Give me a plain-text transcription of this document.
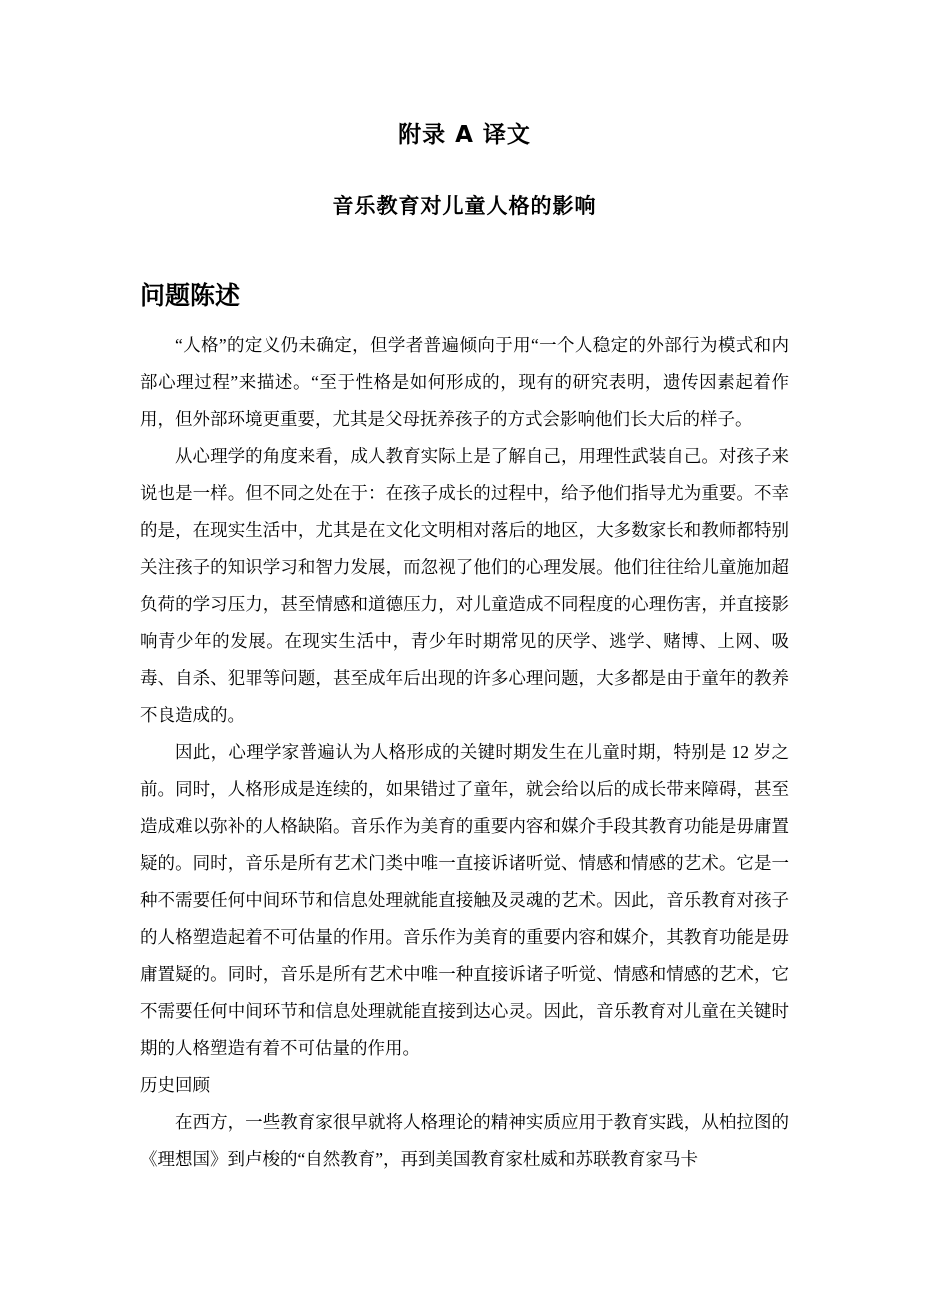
附录 A 译文
音乐教育对儿童人格的影响
问题陈述

“人格”的定义仍未确定，但学者普遍倾向于用“一个人稳定的外部行为模式和内部心理过程”来描述。“至于性格是如何形成的，现有的研究表明，遗传因素起着作用，但外部环境更重要，尤其是父母抚养孩子的方式会影响他们长大后的样子。

从心理学的角度来看，成人教育实际上是了解自己，用理性武装自己。对孩子来说也是一样。但不同之处在于：在孩子成长的过程中，给予他们指导尤为重要。不幸的是，在现实生活中，尤其是在文化文明相对落后的地区，大多数家长和教师都特别关注孩子的知识学习和智力发展，而忽视了他们的心理发展。他们往往给儿童施加超负荷的学习压力，甚至情感和道德压力，对儿童造成不同程度的心理伤害，并直接影响青少年的发展。在现实生活中，青少年时期常见的厌学、逃学、赌博、上网、吸毒、自杀、犯罪等问题，甚至成年后出现的许多心理问题，大多都是由于童年的教养不良造成的。

因此，心理学家普遍认为人格形成的关键时期发生在儿童时期，特别是 12 岁之前。同时，人格形成是连续的，如果错过了童年，就会给以后的成长带来障碍，甚至造成难以弥补的人格缺陷。音乐作为美育的重要内容和媒介手段其教育功能是毋庸置疑的。同时，音乐是所有艺术门类中唯一直接诉诸听觉、情感和情感的艺术。它是一种不需要任何中间环节和信息处理就能直接触及灵魂的艺术。因此，音乐教育对孩子的人格塑造起着不可估量的作用。音乐作为美育的重要内容和媒介，其教育功能是毋庸置疑的。同时，音乐是所有艺术中唯一种直接诉诸子听觉、情感和情感的艺术，它不需要任何中间环节和信息处理就能直接到达心灵。因此，音乐教育对儿童在关键时期的人格塑造有着不可估量的作用。

历史回顾

在西方，一些教育家很早就将人格理论的精神实质应用于教育实践，从柏拉图的《理想国》到卢梭的“自然教育”，再到美国教育家杜威和苏联教育家马卡
